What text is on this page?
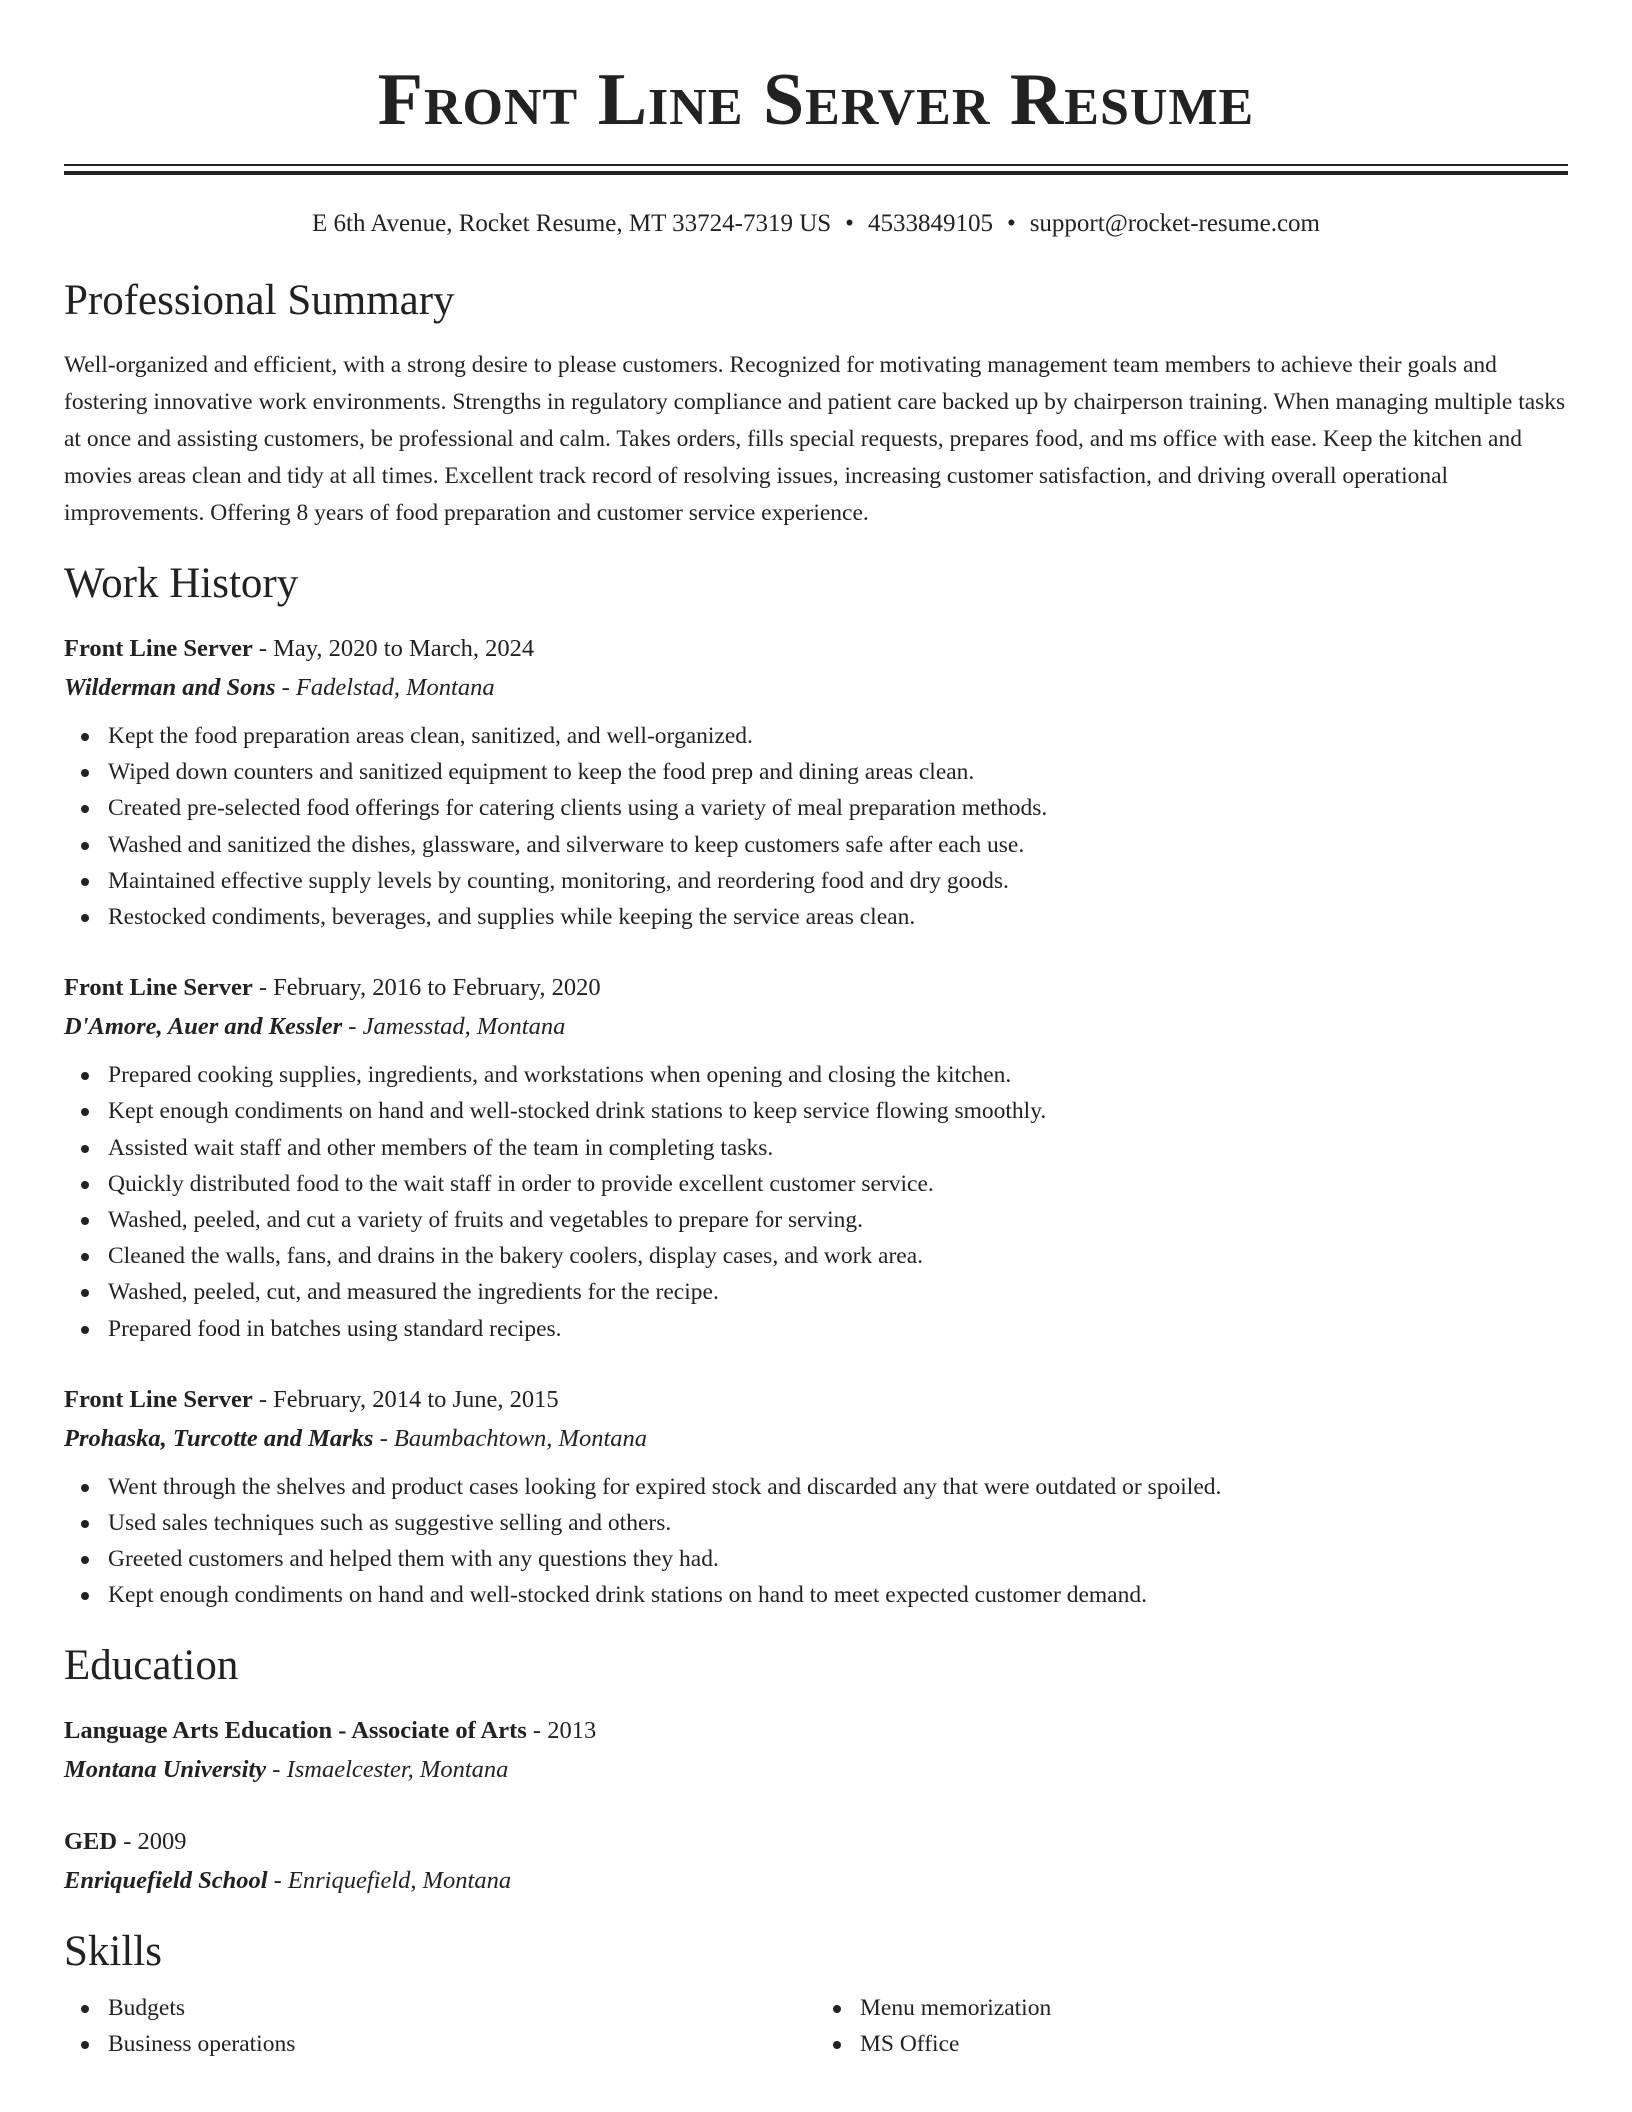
Front Line Server Resume
E 6th Avenue, Rocket Resume, MT 33724-7319 US • 4533849105 • support@rocket-resume.com
Professional Summary
Well-organized and efficient, with a strong desire to please customers. Recognized for motivating management team members to achieve their goals and fostering innovative work environments. Strengths in regulatory compliance and patient care backed up by chairperson training. When managing multiple tasks at once and assisting customers, be professional and calm. Takes orders, fills special requests, prepares food, and ms office with ease. Keep the kitchen and movies areas clean and tidy at all times. Excellent track record of resolving issues, increasing customer satisfaction, and driving overall operational improvements. Offering 8 years of food preparation and customer service experience.
Work History
Front Line Server - May, 2020 to March, 2024
Wilderman and Sons - Fadelstad, Montana
Kept the food preparation areas clean, sanitized, and well-organized.
Wiped down counters and sanitized equipment to keep the food prep and dining areas clean.
Created pre-selected food offerings for catering clients using a variety of meal preparation methods.
Washed and sanitized the dishes, glassware, and silverware to keep customers safe after each use.
Maintained effective supply levels by counting, monitoring, and reordering food and dry goods.
Restocked condiments, beverages, and supplies while keeping the service areas clean.
Front Line Server - February, 2016 to February, 2020
D'Amore, Auer and Kessler - Jamesstad, Montana
Prepared cooking supplies, ingredients, and workstations when opening and closing the kitchen.
Kept enough condiments on hand and well-stocked drink stations to keep service flowing smoothly.
Assisted wait staff and other members of the team in completing tasks.
Quickly distributed food to the wait staff in order to provide excellent customer service.
Washed, peeled, and cut a variety of fruits and vegetables to prepare for serving.
Cleaned the walls, fans, and drains in the bakery coolers, display cases, and work area.
Washed, peeled, cut, and measured the ingredients for the recipe.
Prepared food in batches using standard recipes.
Front Line Server - February, 2014 to June, 2015
Prohaska, Turcotte and Marks - Baumbachtown, Montana
Went through the shelves and product cases looking for expired stock and discarded any that were outdated or spoiled.
Used sales techniques such as suggestive selling and others.
Greeted customers and helped them with any questions they had.
Kept enough condiments on hand and well-stocked drink stations on hand to meet expected customer demand.
Education
Language Arts Education - Associate of Arts - 2013
Montana University - Ismaelcester, Montana
GED - 2009
Enriquefield School - Enriquefield, Montana
Skills
Budgets
Business operations
Menu memorization
MS Office
